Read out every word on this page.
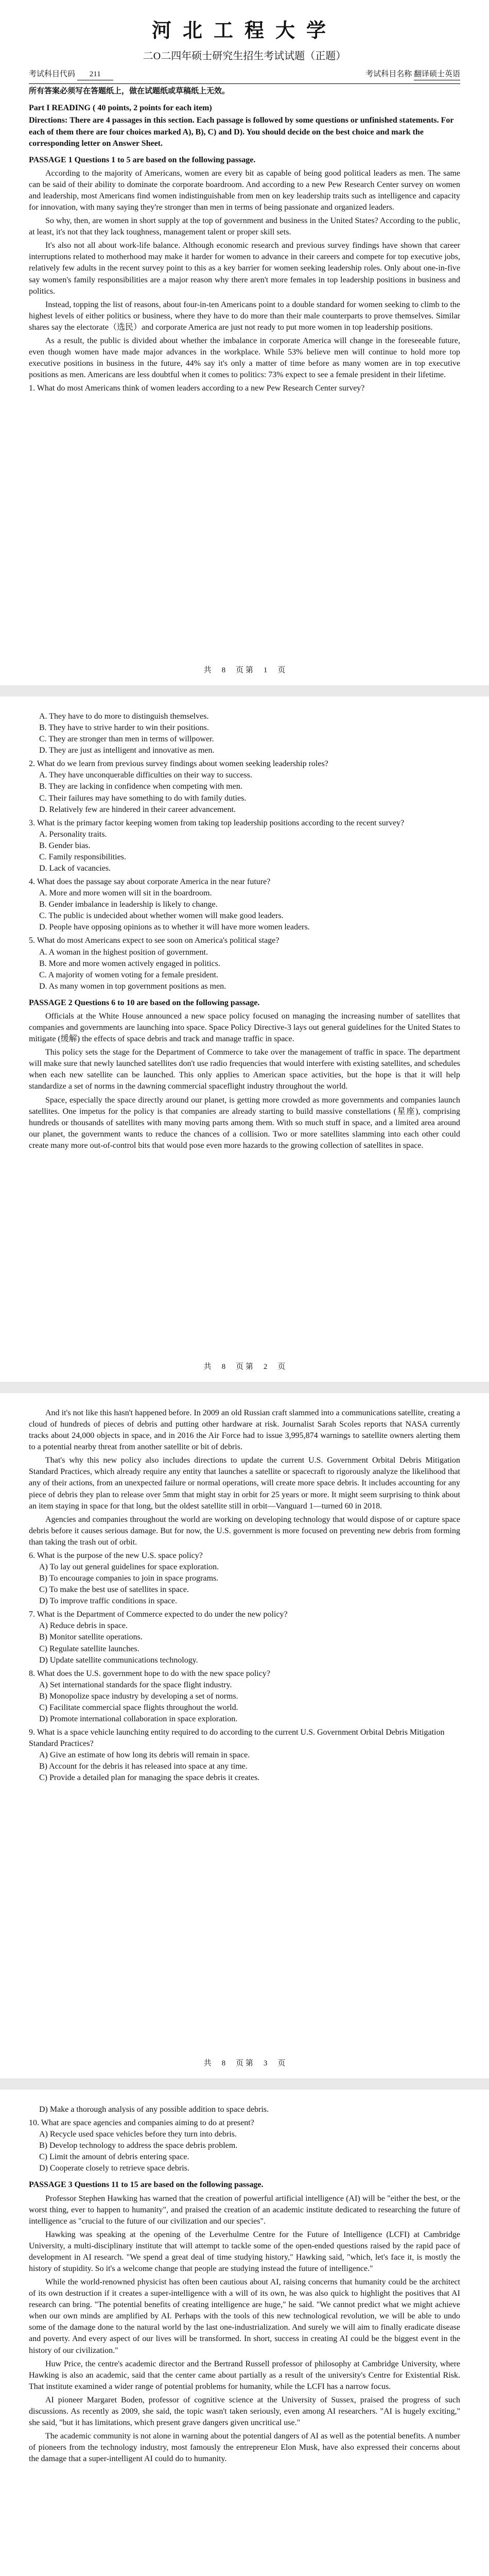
河北工程大学
二O二四年硕士研究生招生考试试题（正题）
考试科目代码 211	考试科目名称 翻译硕士英语
所有答案必须写在答题纸上，做在试题纸或草稿纸上无效。
Part I READING ( 40 points, 2 points for each item)
Directions: There are 4 passages in this section. Each passage is followed by some questions or unfinished statements. For each of them there are four choices marked A), B), C) and D). You should decide on the best choice and mark the corresponding letter on Answer Sheet.
PASSAGE 1 Questions 1 to 5 are based on the following passage.

According to the majority of Americans, women are every bit as capable of being good political leaders as men. The same can be said of their ability to dominate the corporate boardroom. And according to a new Pew Research Center survey on women and leadership, most Americans find women indistinguishable from men on key leadership traits such as intelligence and capacity for innovation, with many saying they're stronger than men in terms of being passionate and organized leaders.

So why, then, are women in short supply at the top of government and business in the United States? According to the public, at least, it's not that they lack toughness, management talent or proper skill sets.

It's also not all about work-life balance. Although economic research and previous survey findings have shown that career interruptions related to motherhood may make it harder for women to advance in their careers and compete for top executive jobs, relatively few adults in the recent survey point to this as a key barrier for women seeking leadership roles. Only about one-in-five say women's family responsibilities are a major reason why there aren't more females in top leadership positions in business and politics.

Instead, topping the list of reasons, about four-in-ten Americans point to a double standard for women seeking to climb to the highest levels of either politics or business, where they have to do more than their male counterparts to prove themselves. Similar shares say the electorate（选民）and corporate America are just not ready to put more women in top leadership positions.

As a result, the public is divided about whether the imbalance in corporate America will change in the foreseeable future, even though women have made major advances in the workplace. While 53% believe men will continue to hold more top executive positions in business in the future, 44% say it's only a matter of time before as many women are in top executive positions as men. Americans are less doubtful when it comes to politics: 73% expect to see a female president in their lifetime.

1. What do most Americans think of women leaders according to a new Pew Research Center survey?
共 8 页 第 1 页
A. They have to do more to distinguish themselves.
B. They have to strive harder to win their positions.
C. They are stronger than men in terms of willpower.
D. They are just as intelligent and innovative as men.
2. What do we learn from previous survey findings about women seeking leadership roles?
A. They have unconquerable difficulties on their way to success.
B. They are lacking in confidence when competing with men.
C. Their failures may have something to do with family duties.
D. Relatively few are hindered in their career advancement.
3. What is the primary factor keeping women from taking top leadership positions according to the recent survey?
A. Personality traits.
B. Gender bias.
C. Family responsibilities.
D. Lack of vacancies.
4. What does the passage say about corporate America in the near future?
A. More and more women will sit in the boardroom.
B. Gender imbalance in leadership is likely to change.
C. The public is undecided about whether women will make good leaders.
D. People have opposing opinions as to whether it will have more women leaders.
5. What do most Americans expect to see soon on America's political stage?
A. A woman in the highest position of government.
B. More and more women actively engaged in politics.
C. A majority of women voting for a female president.
D. As many women in top government positions as men.
PASSAGE 2 Questions 6 to 10 are based on the following passage.

Officials at the White House announced a new space policy focused on managing the increasing number of satellites that companies and governments are launching into space. Space Policy Directive-3 lays out general guidelines for the United States to mitigate (缓解) the effects of space debris and track and manage traffic in space.

This policy sets the stage for the Department of Commerce to take over the management of traffic in space. The department will make sure that newly launched satellites don't use radio frequencies that would interfere with existing satellites, and schedules when each new satellite can be launched. This only applies to American space activities, but the hope is that it will help standardize a set of norms in the dawning commercial spaceflight industry throughout the world.

Space, especially the space directly around our planet, is getting more crowded as more governments and companies launch satellites. One impetus for the policy is that companies are already starting to build massive constellations (星座), comprising hundreds or thousands of satellites with many moving parts among them. With so much stuff in space, and a limited area around our planet, the government wants to reduce the chances of a collision. Two or more satellites slamming into each other could create many more out-of-control bits that would pose even more hazards to the growing collection of satellites in space.

共 8 页 第 2 页

And it's not like this hasn't happened before. In 2009 an old Russian craft slammed into a communications satellite, creating a cloud of hundreds of pieces of debris and putting other hardware at risk. Journalist Sarah Scoles reports that NASA currently tracks about 24,000 objects in space, and in 2016 the Air Force had to issue 3,995,874 warnings to satellite owners alerting them to a potential nearby threat from another satellite or bit of debris.

That's why this new policy also includes directions to update the current U.S. Government Orbital Debris Mitigation Standard Practices, which already require any entity that launches a satellite or spacecraft to rigorously analyze the likelihood that any of their actions, from an unexpected failure or normal operations, will create more space debris. It includes accounting for any piece of debris they plan to release over 5mm that might stay in orbit for 25 years or more. It might seem surprising to think about an item staying in space for that long, but the oldest satellite still in orbit—Vanguard 1—turned 60 in 2018.

Agencies and companies throughout the world are working on developing technology that would dispose of or capture space debris before it causes serious damage. But for now, the U.S. government is more focused on preventing new debris from forming than taking the trash out of orbit.

6. What is the purpose of the new U.S. space policy?
A) To lay out general guidelines for space exploration.
B) To encourage companies to join in space programs.
C) To make the best use of satellites in space.
D) To improve traffic conditions in space.
7. What is the Department of Commerce expected to do under the new policy?
A) Reduce debris in space.
B) Monitor satellite operations.
C) Regulate satellite launches.
D) Update satellite communications technology.
8. What does the U.S. government hope to do with the new space policy?
A) Set international standards for the space flight industry.
B) Monopolize space industry by developing a set of norms.
C) Facilitate commercial space flights throughout the world.
D) Promote international collaboration in space exploration.
9. What is a space vehicle launching entity required to do according to the current U.S. Government Orbital Debris Mitigation Standard Practices?
A) Give an estimate of how long its debris will remain in space.
B) Account for the debris it has released into space at any time.
C) Provide a detailed plan for managing the space debris it creates.
共 8 页 第 3 页
D) Make a thorough analysis of any possible addition to space debris.
10. What are space agencies and companies aiming to do at present?
A) Recycle used space vehicles before they turn into debris.
B) Develop technology to address the space debris problem.
C) Limit the amount of debris entering space.
D) Cooperate closely to retrieve space debris.
PASSAGE 3 Questions 11 to 15 are based on the following passage.

Professor Stephen Hawking has warned that the creation of powerful artificial intelligence (AI) will be "either the best, or the worst thing, ever to happen to humanity", and praised the creation of an academic institute dedicated to researching the future of intelligence as "crucial to the future of our civilization and our species".

Hawking was speaking at the opening of the Leverhulme Centre for the Future of Intelligence (LCFI) at Cambridge University, a multi-disciplinary institute that will attempt to tackle some of the open-ended questions raised by the rapid pace of development in AI research. "We spend a great deal of time studying history," Hawking said, "which, let's face it, is mostly the history of stupidity. So it's a welcome change that people are studying instead the future of intelligence."

While the world-renowned physicist has often been cautious about AI, raising concerns that humanity could be the architect of its own destruction if it creates a super-intelligence with a will of its own, he was also quick to highlight the positives that AI research can bring. "The potential benefits of creating intelligence are huge," he said. "We cannot predict what we might achieve when our own minds are amplified by AI. Perhaps with the tools of this new technological revolution, we will be able to undo some of the damage done to the natural world by the last one-industrialization. And surely we will aim to finally eradicate disease and poverty. And every aspect of our lives will be transformed. In short, success in creating AI could be the biggest event in the history of our civilization."

Huw Price, the centre's academic director and the Bertrand Russell professor of philosophy at Cambridge University, where Hawking is also an academic, said that the center came about partially as a result of the university's Centre for Existential Risk. That institute examined a wider range of potential problems for humanity, while the LCFI has a narrow focus.

AI pioneer Margaret Boden, professor of cognitive science at the University of Sussex, praised the progress of such discussions. As recently as 2009, she said, the topic wasn't taken seriously, even among AI researchers. "AI is hugely exciting," she said, "but it has limitations, which present grave dangers given uncritical use."

The academic community is not alone in warning about the potential dangers of AI as well as the potential benefits. A number of pioneers from the technology industry, most famously the entrepreneur Elon Musk, have also expressed their concerns about the damage that a super-intelligent AI could do to humanity.
